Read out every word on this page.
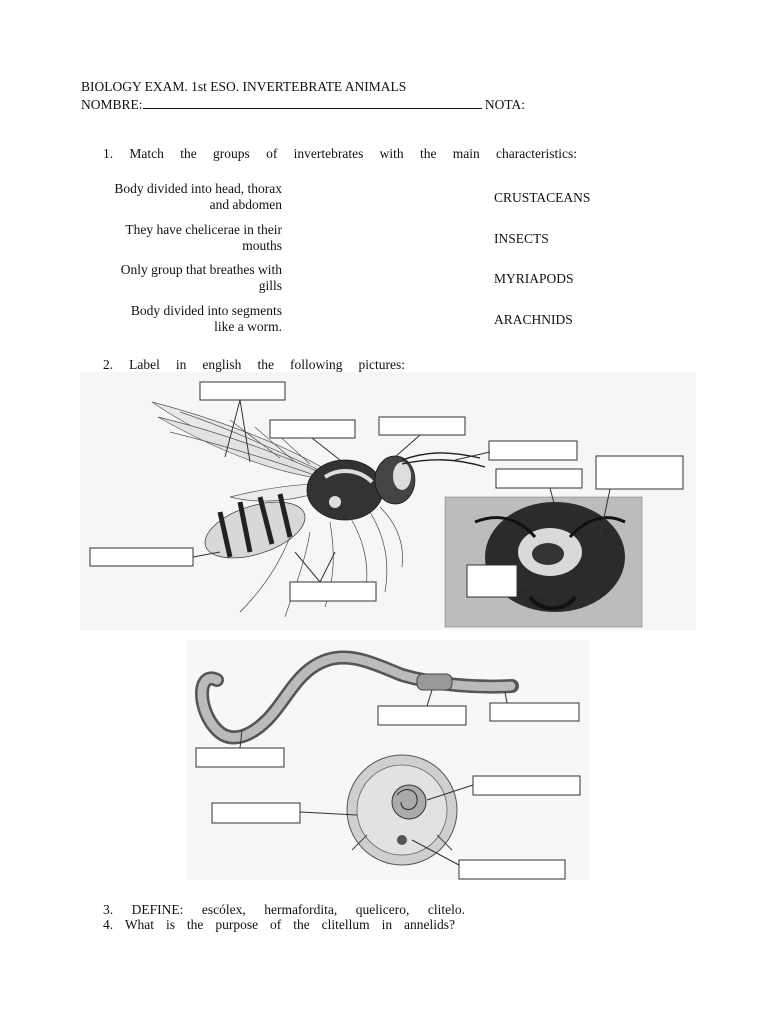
BIOLOGY EXAM. 1st ESO. INVERTEBRATE ANIMALS
NOMBRE:	NOTA:
1. Match the groups of invertebrates with the main characteristics:
Body divided into head, thorax
and abdomen
They have chelicerae in their
mouths
Only group that breathes with
gills
Body divided into segments
like a worm.
CRUSTACEANS
INSECTS
MYRIAPODS
ARACHNIDS
2. Label in english the following pictures:
3. DEFINE: escólex, hermafordita, quelicero, clitelo.
4. What is the purpose of the clitellum in annelids?
